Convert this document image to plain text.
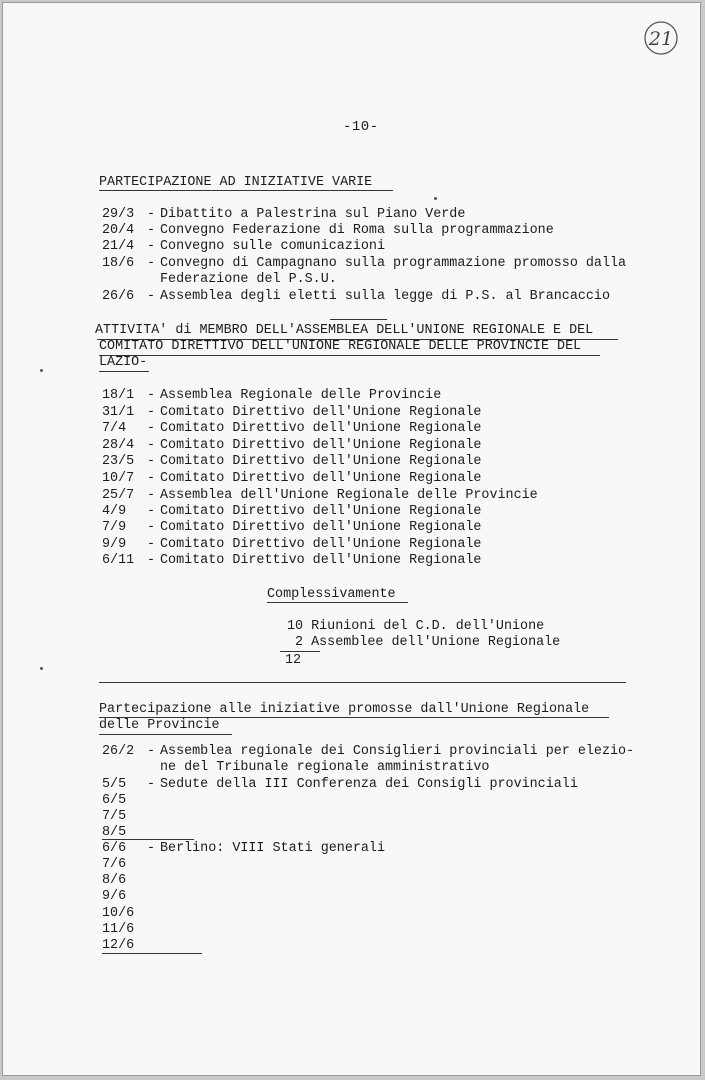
21
-10-
PARTECIPAZIONE AD INIZIATIVE VARIE
29/3 - Dibattito a Palestrina sul Piano Verde
20/4 - Convegno Federazione di Roma sulla programmazione
21/4 - Convegno sulle comunicazioni
18/6 - Convegno di Campagnano sulla programmazione promosso dalla
Federazione del P.S.U.
26/6 - Assemblea degli eletti sulla legge di P.S. al Brancaccio
ATTIVITA' di MEMBRO DELL'ASSEMBLEA DELL'UNIONE REGIONALE E DEL
COMITATO DIRETTIVO DELL'UNIONE REGIONALE DELLE PROVINCIE DEL
LAZIO-
18/1 - Assemblea Regionale delle Provincie
31/1 - Comitato Direttivo dell'Unione Regionale
7/4 - Comitato Direttivo dell'Unione Regionale
28/4 - Comitato Direttivo dell'Unione Regionale
23/5 - Comitato Direttivo dell'Unione Regionale
10/7 - Comitato Direttivo dell'Unione Regionale
25/7 - Assemblea dell'Unione Regionale delle Provincie
4/9 - Comitato Direttivo dell'Unione Regionale
7/9 - Comitato Direttivo dell'Unione Regionale
9/9 - Comitato Direttivo dell'Unione Regionale
6/11 - Comitato Direttivo dell'Unione Regionale
Complessivamente
10 Riunioni del C.D. dell'Unione
2 Assemblee dell'Unione Regionale
12
Partecipazione alle iniziative promosse dall'Unione Regionale
delle Provincie
26/2 - Assemblea regionale dei Consiglieri provinciali per elezio-
ne del Tribunale regionale amministrativo
5/5 - Sedute della III Conferenza dei Consigli provinciali
6/5
7/5
8/5
6/6 - Berlino: VIII Stati generali
7/6
8/6
9/6
10/6
11/6
12/6
